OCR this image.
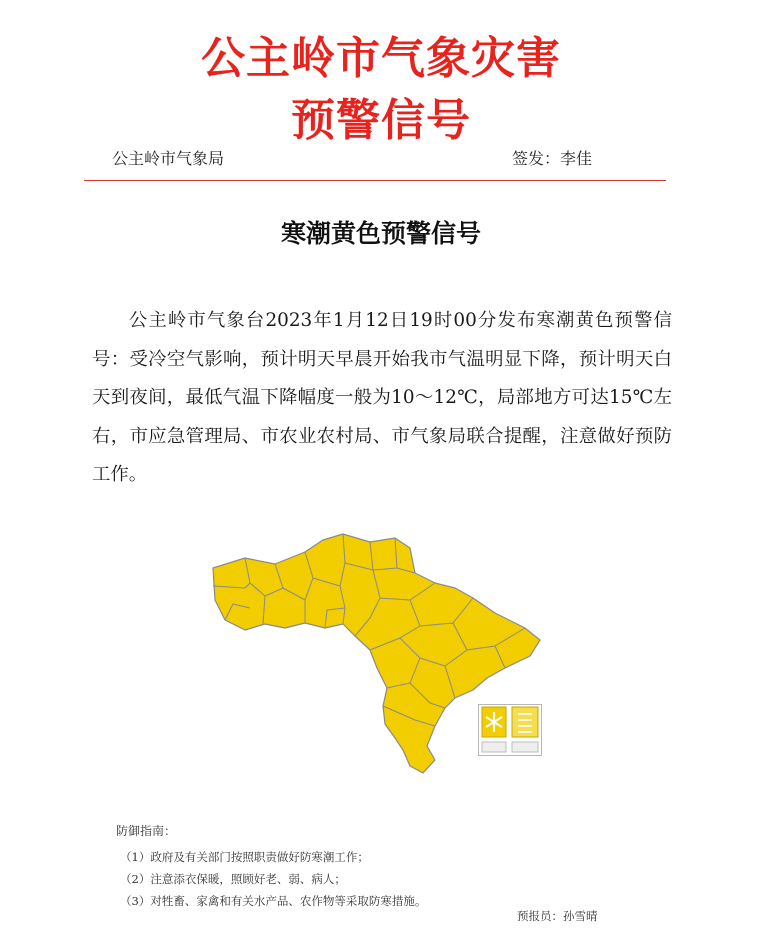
公主岭市气象灾害
预警信号
公主岭市气象局	签发：李佳
寒潮黄色预警信号

公主岭市气象台2023年1月12日19时00分发布寒潮黄色预警信号：受冷空气影响，预计明天早晨开始我市气温明显下降，预计明天白天到夜间，最低气温下降幅度一般为10～12℃，局部地方可达15℃左右，市应急管理局、市农业农村局、市气象局联合提醒，注意做好预防工作。

防御指南：
（1）政府及有关部门按照职责做好防寒潮工作；
（2）注意添衣保暖，照顾好老、弱、病人；
（3）对牲畜、家禽和有关水产品、农作物等采取防寒措施。
预报员：孙雪晴
